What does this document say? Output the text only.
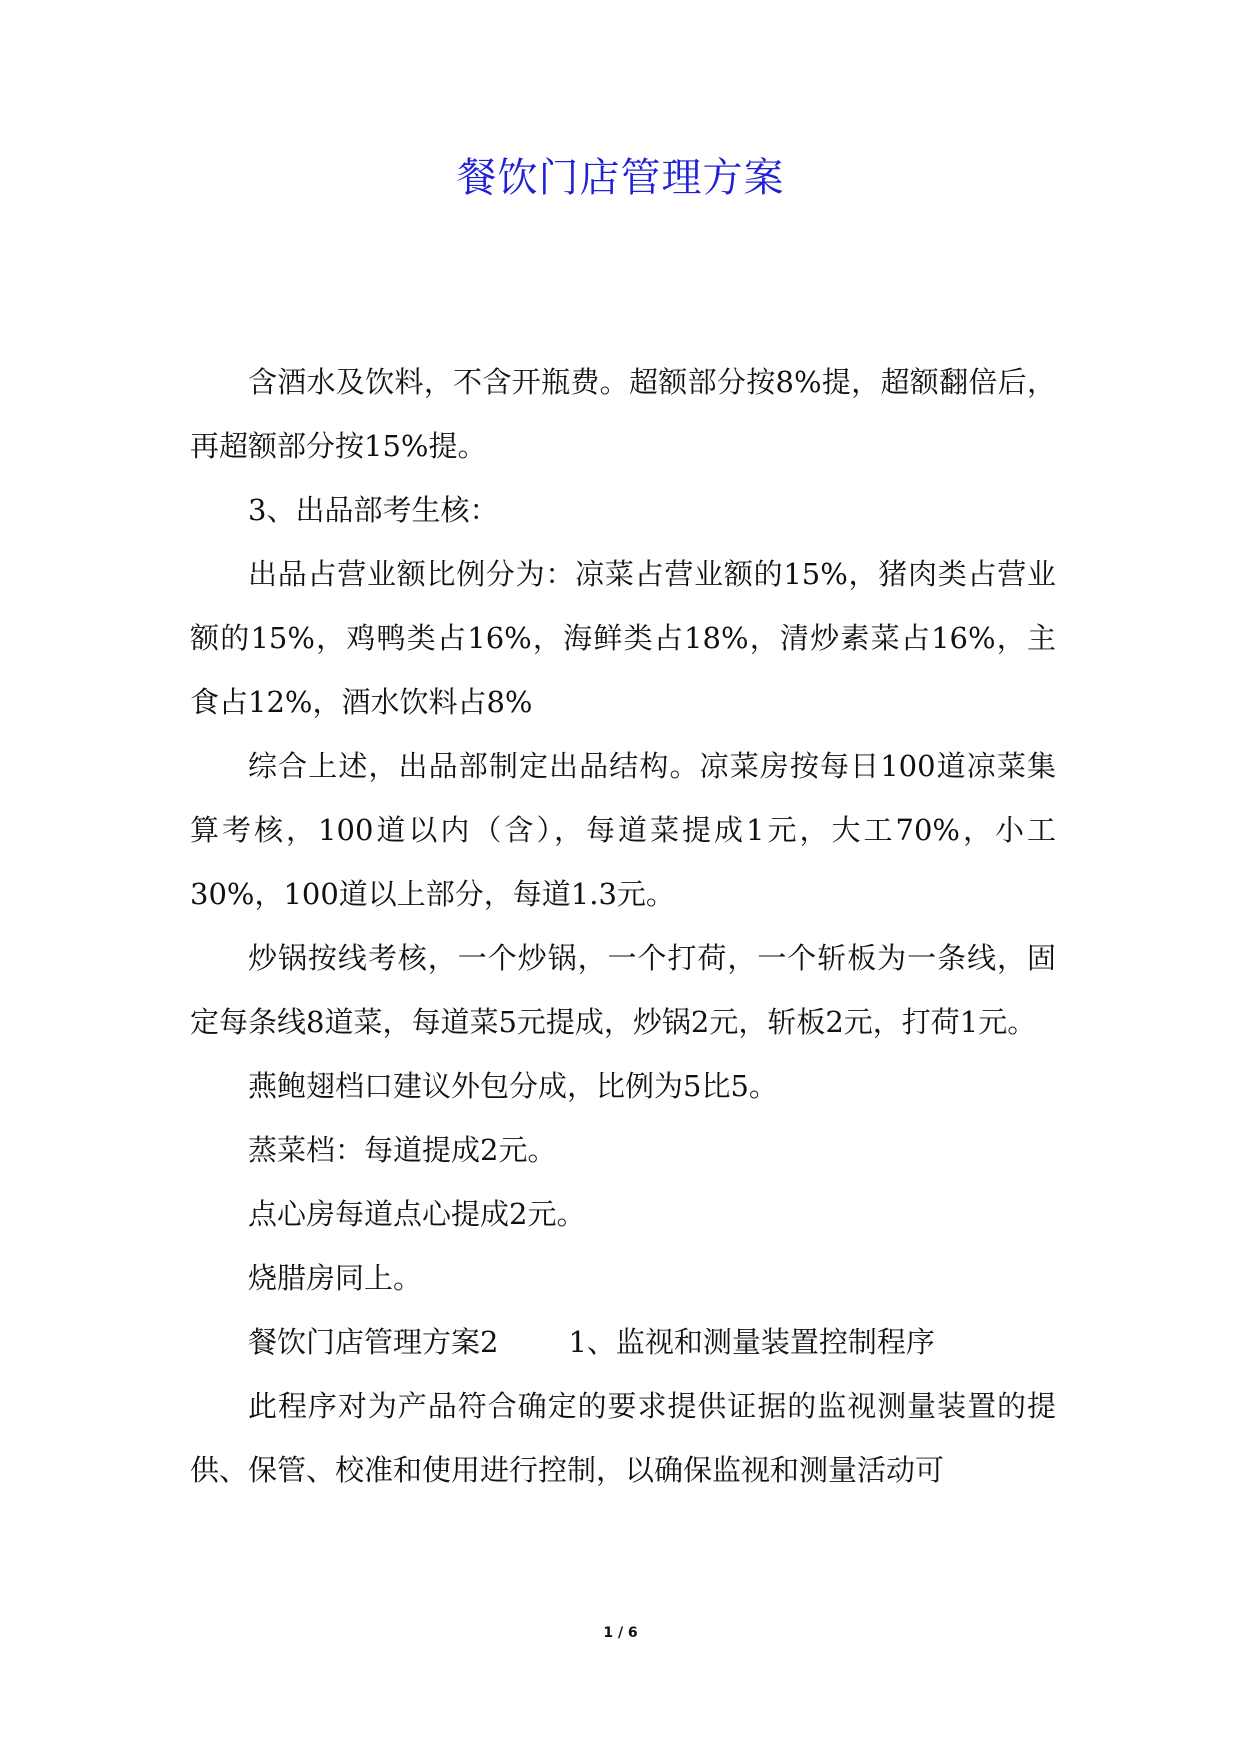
餐饮门店管理方案

含酒水及饮料，不含开瓶费。超额部分按8%提，超额翻倍后，再超额部分按15%提。

3、出品部考生核：

出品占营业额比例分为：凉菜占营业额的15%，猪肉类占营业额的15%，鸡鸭类占16%，海鲜类占18%，清炒素菜占16%，主食占12%，酒水饮料占8%

综合上述，出品部制定出品结构。凉菜房按每日100道凉菜集算考核，100道以内（含），每道菜提成1元，大工70%，小工30%，100道以上部分，每道1.3元。

炒锅按线考核，一个炒锅，一个打荷，一个斩板为一条线，固定每条线8道菜，每道菜5元提成，炒锅2元，斩板2元，打荷1元。

燕鲍翅档口建议外包分成，比例为5比5。

蒸菜档：每道提成2元。

点心房每道点心提成2元。

烧腊房同上。

餐饮门店管理方案2 1、监视和测量装置控制程序

此程序对为产品符合确定的要求提供证据的监视测量装置的提供、保管、校准和使用进行控制，以确保监视和测量活动可

1 / 6
